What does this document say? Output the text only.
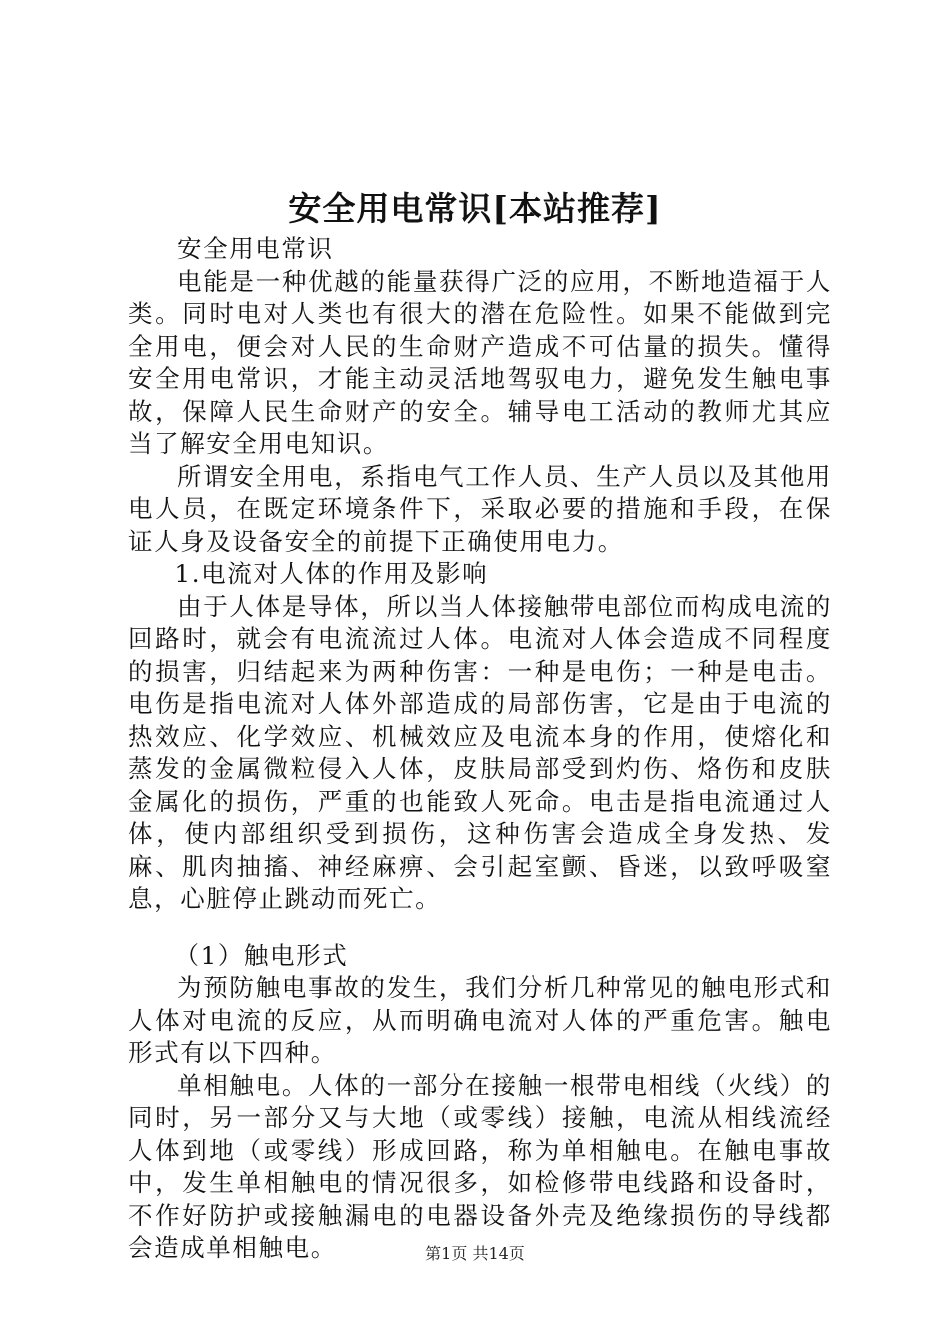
安全用电常识[本站推荐]

安全用电常识

电能是一种优越的能量获得广泛的应用，不断地造福于人类。同时电对人类也有很大的潜在危险性。如果不能做到完全用电，便会对人民的生命财产造成不可估量的损失。懂得安全用电常识，才能主动灵活地驾驭电力，避免发生触电事故，保障人民生命财产的安全。辅导电工活动的教师尤其应当了解安全用电知识。

所谓安全用电，系指电气工作人员、生产人员以及其他用电人员，在既定环境条件下，采取必要的措施和手段，在保证人身及设备安全的前提下正确使用电力。

1.电流对人体的作用及影响

由于人体是导体，所以当人体接触带电部位而构成电流的回路时，就会有电流流过人体。电流对人体会造成不同程度的损害，归结起来为两种伤害：一种是电伤；一种是电击。电伤是指电流对人体外部造成的局部伤害，它是由于电流的热效应、化学效应、机械效应及电流本身的作用，使熔化和蒸发的金属微粒侵入人体，皮肤局部受到灼伤、烙伤和皮肤金属化的损伤，严重的也能致人死命。电击是指电流通过人体，使内部组织受到损伤，这种伤害会造成全身发热、发麻、肌肉抽搐、神经麻痹、会引起室颤、昏迷，以致呼吸窒息，心脏停止跳动而死亡。

（1）触电形式

为预防触电事故的发生，我们分析几种常见的触电形式和人体对电流的反应，从而明确电流对人体的严重危害。触电形式有以下四种。

单相触电。人体的一部分在接触一根带电相线（火线）的同时，另一部分又与大地（或零线）接触，电流从相线流经人体到地（或零线）形成回路，称为单相触电。在触电事故中，发生单相触电的情况很多，如检修带电线路和设备时，不作好防护或接触漏电的电器设备外壳及绝缘损伤的导线都会造成单相触电。	第1页 共14页
